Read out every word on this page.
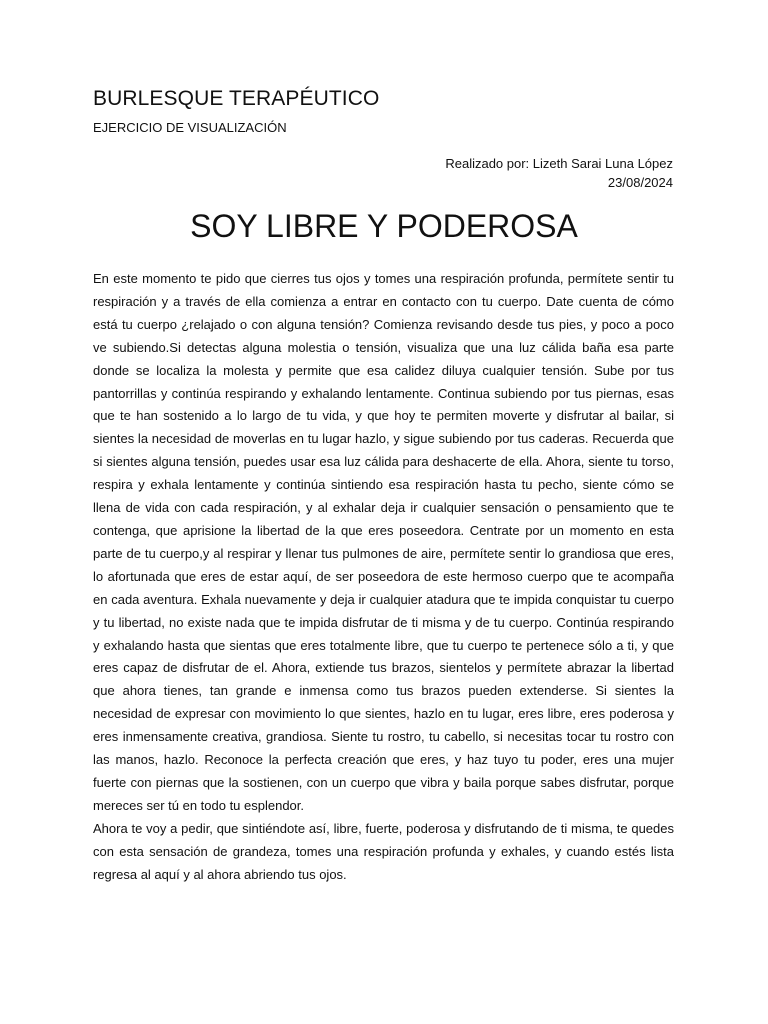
BURLESQUE TERAPÉUTICO
EJERCICIO DE VISUALIZACIÓN
Realizado por: Lizeth Sarai Luna López
23/08/2024
SOY LIBRE Y PODEROSA

En este momento te pido que cierres tus ojos y tomes una respiración profunda, permítete sentir tu respiración y a través de ella comienza a entrar en contacto con tu cuerpo. Date cuenta de cómo está tu cuerpo ¿relajado o con alguna tensión? Comienza revisando desde tus pies, y poco a poco ve subiendo.Si detectas alguna molestia o tensión, visualiza que una luz cálida baña esa parte donde se localiza la molesta y permite que esa calidez diluya cualquier tensión. Sube por tus pantorrillas y continúa respirando y exhalando lentamente. Continua subiendo por tus piernas, esas que te han sostenido a lo largo de tu vida, y que hoy te permiten moverte y disfrutar al bailar, si sientes la necesidad de moverlas en tu lugar hazlo, y sigue subiendo por tus caderas. Recuerda que si sientes alguna tensión, puedes usar esa luz cálida para deshacerte de ella. Ahora, siente tu torso, respira y exhala lentamente y continúa sintiendo esa respiración hasta tu pecho, siente cómo se llena de vida con cada respiración, y al exhalar deja ir cualquier sensación o pensamiento que te contenga, que aprisione la libertad de la que eres poseedora. Centrate por un momento en esta parte de tu cuerpo,y al respirar y llenar tus pulmones de aire, permítete sentir lo grandiosa que eres, lo afortunada que eres de estar aquí, de ser poseedora de este hermoso cuerpo que te acompaña en cada aventura. Exhala nuevamente y deja ir cualquier atadura que te impida conquistar tu cuerpo y tu libertad, no existe nada que te impida disfrutar de ti misma y de tu cuerpo. Continúa respirando y exhalando hasta que sientas que eres totalmente libre, que tu cuerpo te pertenece sólo a ti, y que eres capaz de disfrutar de el. Ahora, extiende tus brazos, sientelos y permítete abrazar la libertad que ahora tienes, tan grande e inmensa como tus brazos pueden extenderse. Si sientes la necesidad de expresar con movimiento lo que sientes, hazlo en tu lugar, eres libre, eres poderosa y eres inmensamente creativa, grandiosa. Siente tu rostro, tu cabello, si necesitas tocar tu rostro con las manos, hazlo. Reconoce la perfecta creación que eres, y haz tuyo tu poder, eres una mujer fuerte con piernas que la sostienen, con un cuerpo que vibra y baila porque sabes disfrutar, porque mereces ser tú en todo tu esplendor.

Ahora te voy a pedir, que sintiéndote así, libre, fuerte, poderosa y disfrutando de ti misma, te quedes con esta sensación de grandeza, tomes una respiración profunda y exhales, y cuando estés lista regresa al aquí y al ahora abriendo tus ojos.
